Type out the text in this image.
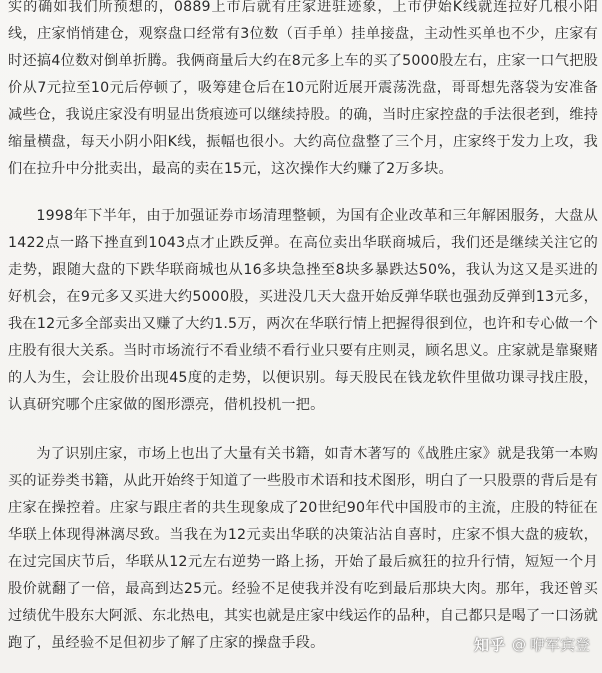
实的确如我们所预想的，0889上市后就有庄家进驻迹象，上市伊始K线就连拉好几根小阳线，庄家悄悄建仓，观察盘口经常有3位数（百手单）挂单接盘，主动性买单也不少，庄家有时还搞4位数对倒单折腾。我俩商量后大约在8元多上车的买了5000股左右，庄家一口气把股价从7元拉至10元后停顿了，吸筹建仓后在10元附近展开震荡洗盘，哥哥想先落袋为安准备减些仓，我说庄家没有明显出货痕迹可以继续持股。的确，当时庄家控盘的手法很老到，维持缩量横盘，每天小阴小阳K线，振幅也很小。大约高位盘整了三个月，庄家终于发力上攻，我们在拉升中分批卖出，最高的卖在15元，这次操作大约赚了2万多块。

1998年下半年，由于加强证券市场清理整顿，为国有企业改革和三年解困服务，大盘从1422点一路下挫直到1043点才止跌反弹。在高位卖出华联商城后，我们还是继续关注它的走势，跟随大盘的下跌华联商城也从16多块急挫至8块多暴跌达50%，我认为这又是买进的好机会，在9元多又买进大约5000股，买进没几天大盘开始反弹华联也强劲反弹到13元多，我在12元多全部卖出又赚了大约1.5万，两次在华联行情上把握得很到位，也许和专心做一个庄股有很大关系。当时市场流行不看业绩不看行业只要有庄则灵，顾名思义。庄家就是靠聚赌的人为生，会让股价出现45度的走势，以便识别。每天股民在钱龙软件里做功课寻找庄股，认真研究哪个庄家做的图形漂亮，借机投机一把。

为了识别庄家，市场上也出了大量有关书籍，如青木著写的《战胜庄家》就是我第一本购买的证券类书籍，从此开始终于知道了一些股市术语和技术图形，明白了一只股票的背后是有庄家在操控着。庄家与跟庄者的共生现象成了20世纪90年代中国股市的主流，庄股的特征在华联上体现得淋漓尽致。当我在为12元卖出华联的决策沾沾自喜时，庄家不惧大盘的疲软，在过完国庆节后，华联从12元左右逆势一路上扬，开始了最后疯狂的拉升行情，短短一个月股价就翻了一倍，最高到达25元。经验不足使我并没有吃到最后那块大肉。那年，我还曾买过绩优牛股东大阿派、东北热电，其实也就是庄家中线运作的品种，自己都只是喝了一口汤就跑了，虽经验不足但初步了解了庄家的操盘手段。	知乎 @ 咿军宾登
